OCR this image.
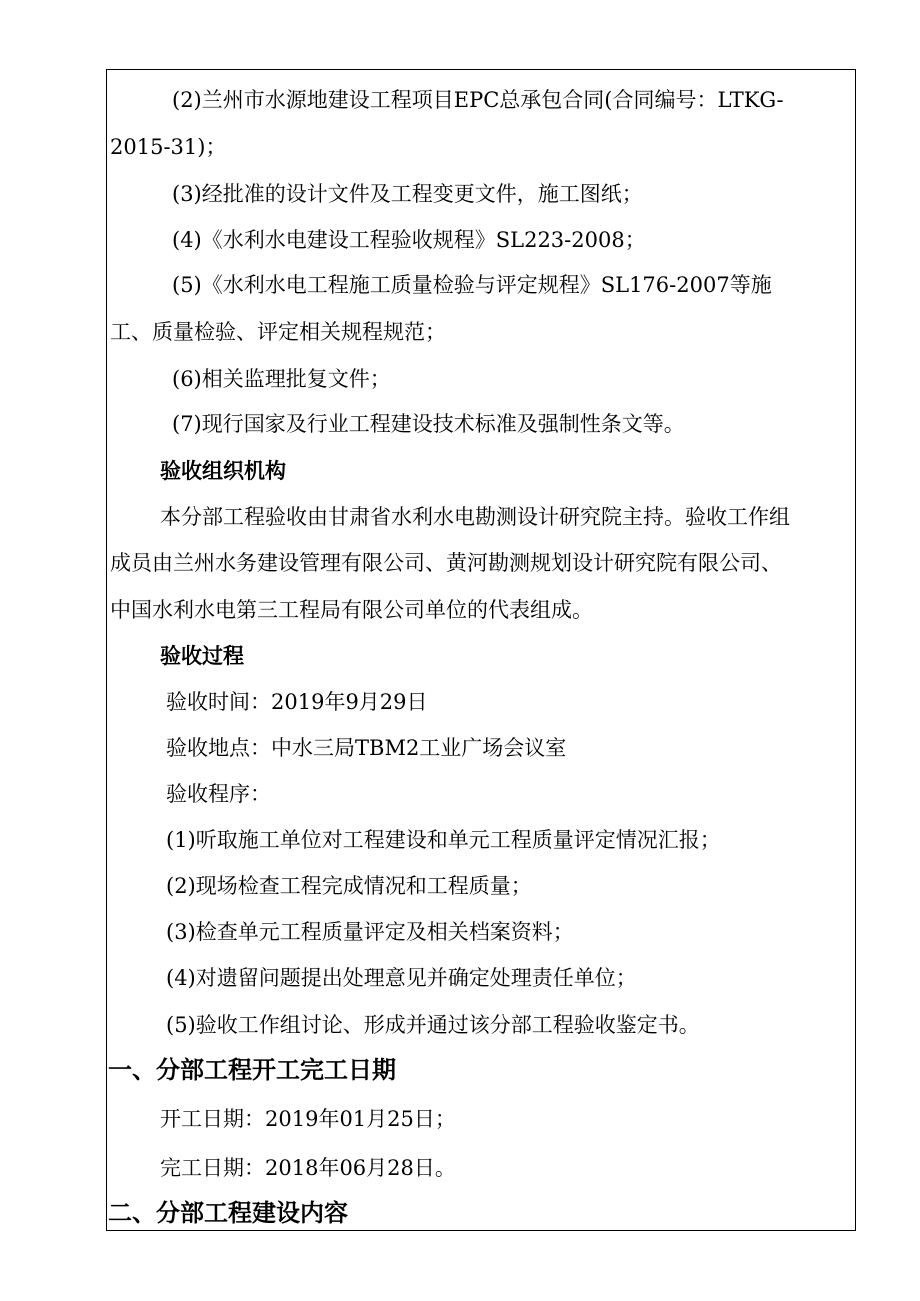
(2)兰州市水源地建设工程项目EPC总承包合同(合同编号：LTKG-
2015-31)；
(3)经批准的设计文件及工程变更文件，施工图纸；
(4)《水利水电建设工程验收规程》SL223-2008；
(5)《水利水电工程施工质量检验与评定规程》SL176-2007等施
工、质量检验、评定相关规程规范；
(6)相关监理批复文件；
(7)现行国家及行业工程建设技术标准及强制性条文等。
验收组织机构
本分部工程验收由甘肃省水利水电勘测设计研究院主持。验收工作组
成员由兰州水务建设管理有限公司、黄河勘测规划设计研究院有限公司、
中国水利水电第三工程局有限公司单位的代表组成。
验收过程
验收时间：2019年9月29日
验收地点：中水三局TBM2工业广场会议室
验收程序：
(1)听取施工单位对工程建设和单元工程质量评定情况汇报；
(2)现场检查工程完成情况和工程质量；
(3)检查单元工程质量评定及相关档案资料；
(4)对遗留问题提出处理意见并确定处理责任单位；
(5)验收工作组讨论、形成并通过该分部工程验收鉴定书。
一、分部工程开工完工日期
开工日期：2019年01月25日；
完工日期：2018年06月28日。
二、分部工程建设内容
